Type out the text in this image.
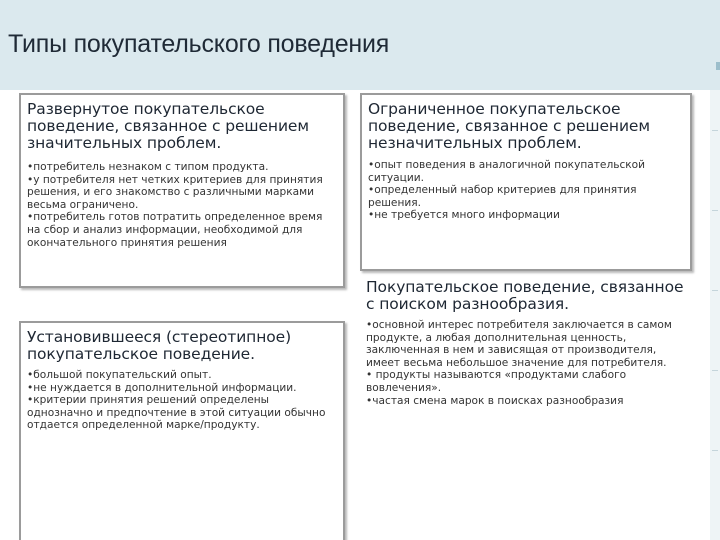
Типы покупательского поведения
Развернутое покупательское поведение, связанное с решением значительных проблем.
•потребитель незнаком с типом продукта.
•у потребителя нет четких критериев для принятия решения, и его знакомство с различными марками весьма ограничено.
•потребитель готов потратить определенное время на сбор и анализ информации, необходимой для окончательного принятия решения
Ограниченное покупательское поведение, связанное с решением незначительных проблем.
•опыт поведения в аналогичной покупательской ситуации.
•определенный набор критериев для принятия решения.
•не требуется много информации
Установившееся (стереотипное) покупательское поведение.
•большой покупательский опыт.
•не нуждается в дополнительной информации.
•критерии принятия решений определены однозначно и предпочтение в этой ситуации обычно отдается определенной марке/продукту.
Покупательское поведение, связанное с поиском разнообразия.
•основной интерес потребителя заключается в самом продукте, а любая дополнительная ценность, заключенная в нем и зависящая от производителя, имеет весьма небольшое значение для потребителя.
• продукты называются «продуктами слабого вовлечения».
•частая смена марок в поисках разнообразия
